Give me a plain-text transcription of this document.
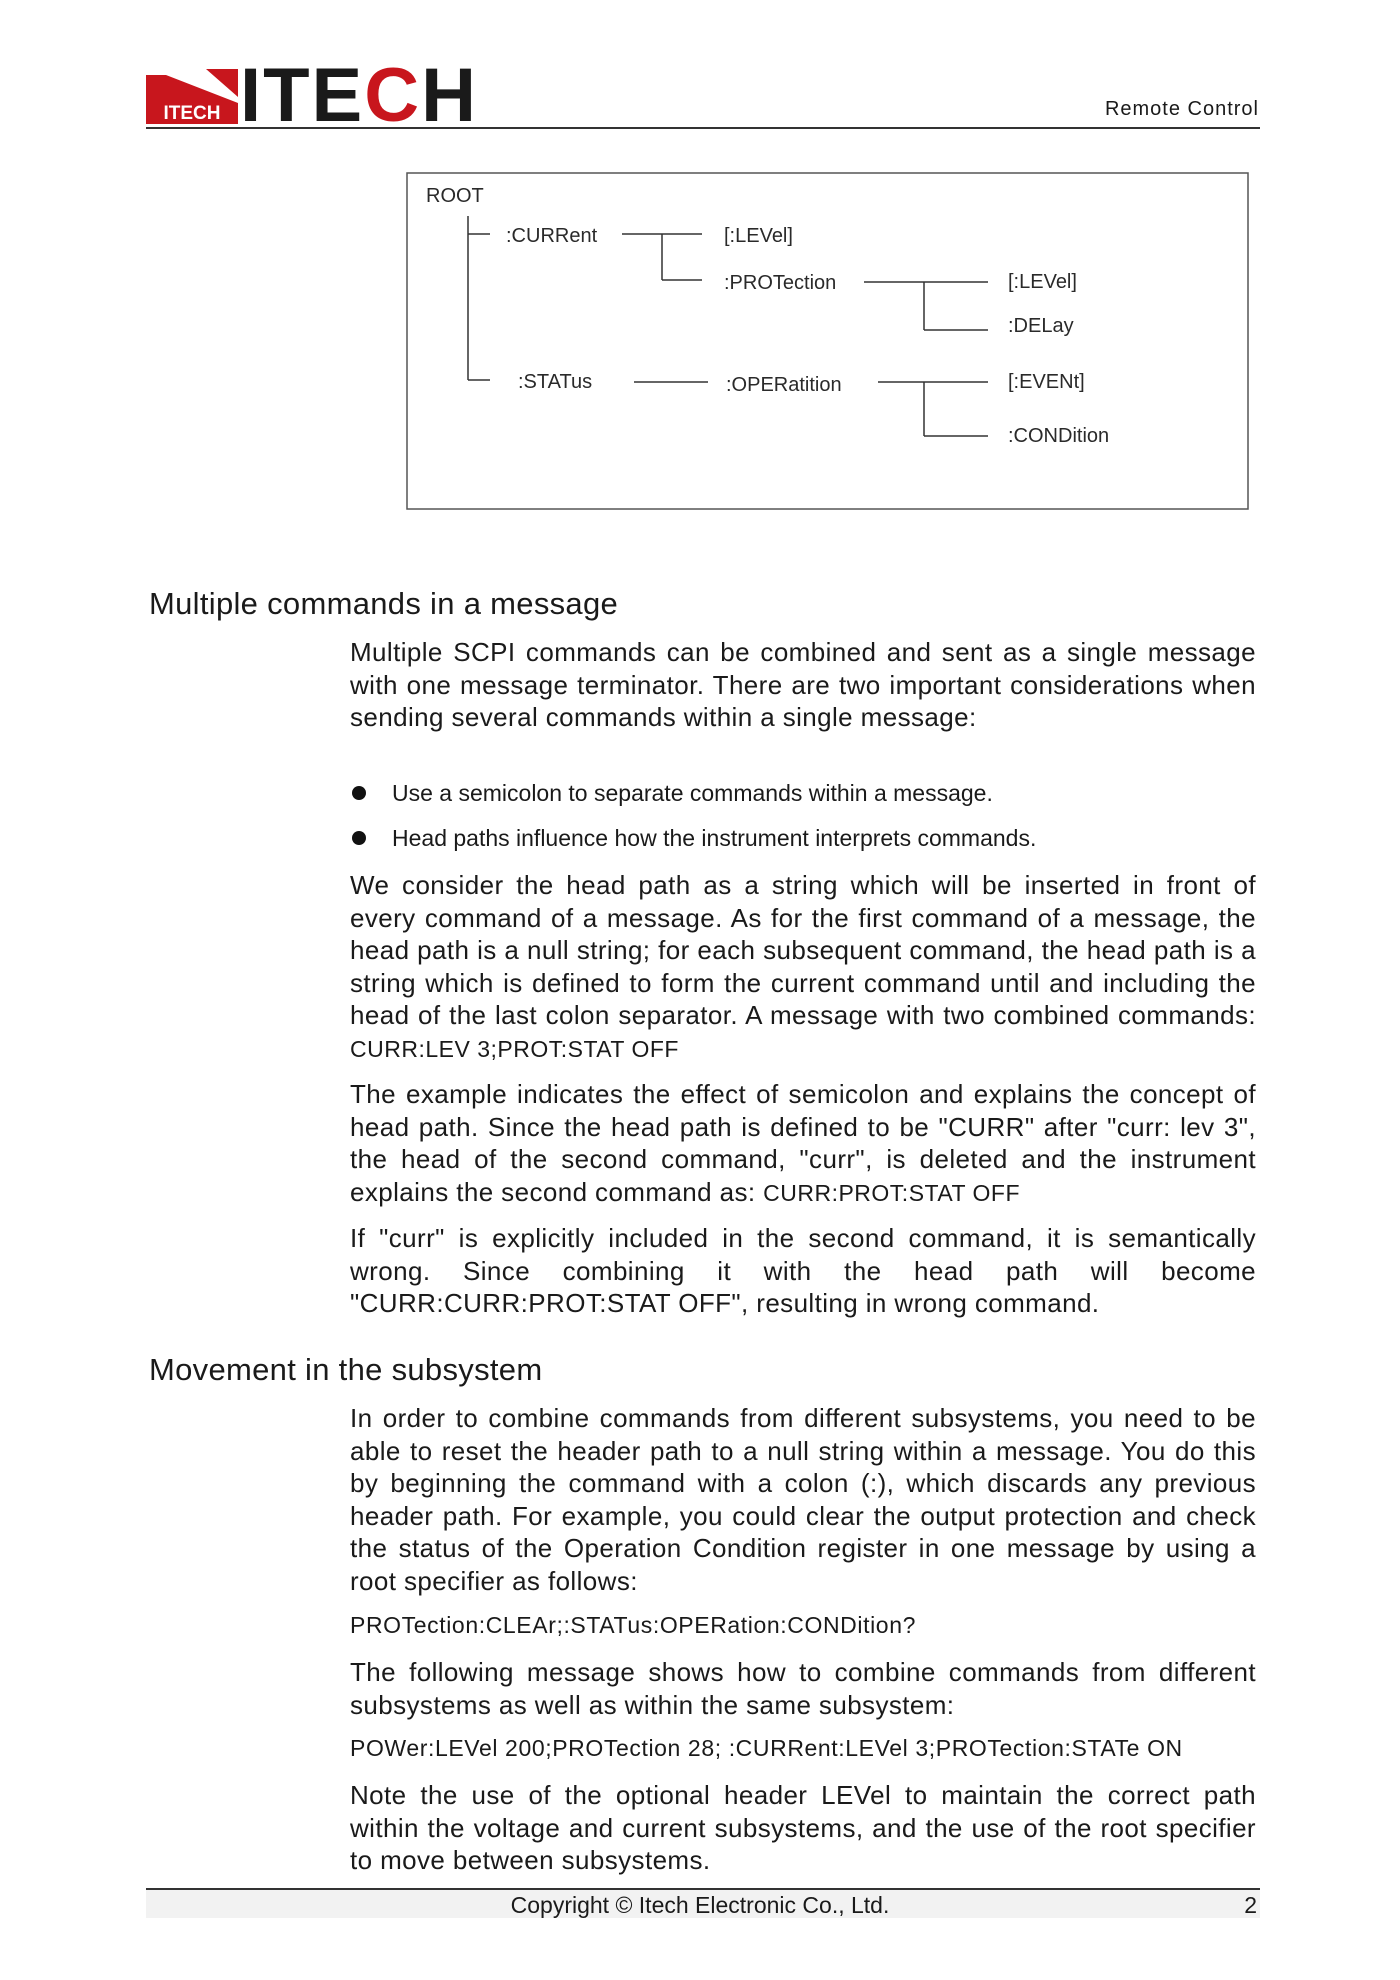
ITECH ITECH	Remote Control
ROOT
:CURRent	[:LEVel]
:PROTection	[:LEVel]
:DELay
:STATus	:OPERatition	[:EVENt]
:CONDition
Multiple commands in a message
Multiple SCPI commands can be combined and sent as a single message with one message terminator. There are two important considerations when sending several commands within a single message:
Use a semicolon to separate commands within a message.
Head paths influence how the instrument interprets commands.
We consider the head path as a string which will be inserted in front of every command of a message. As for the first command of a message, the head path is a null string; for each subsequent command, the head path is a string which is defined to form the current command until and including the head of the last colon separator. A message with two combined commands: CURR:LEV 3;PROT:STAT OFF
The example indicates the effect of semicolon and explains the concept of head path. Since the head path is defined to be "CURR" after "curr: lev 3", the head of the second command, "curr", is deleted and the instrument explains the second command as: CURR:PROT:STAT OFF
If "curr" is explicitly included in the second command, it is semantically wrong. Since combining it with the head path will become "CURR:CURR:PROT:STAT OFF", resulting in wrong command.
Movement in the subsystem
In order to combine commands from different subsystems, you need to be able to reset the header path to a null string within a message. You do this by beginning the command with a colon (:), which discards any previous header path. For example, you could clear the output protection and check the status of the Operation Condition register in one message by using a root specifier as follows:
PROTection:CLEAr;:STATus:OPERation:CONDition?
The following message shows how to combine commands from different subsystems as well as within the same subsystem:
POWer:LEVel 200;PROTection 28; :CURRent:LEVel 3;PROTection:STATe ON
Note the use of the optional header LEVel to maintain the correct path within the voltage and current subsystems, and the use of the root specifier to move between subsystems.
Copyright © Itech Electronic Co., Ltd.	2
